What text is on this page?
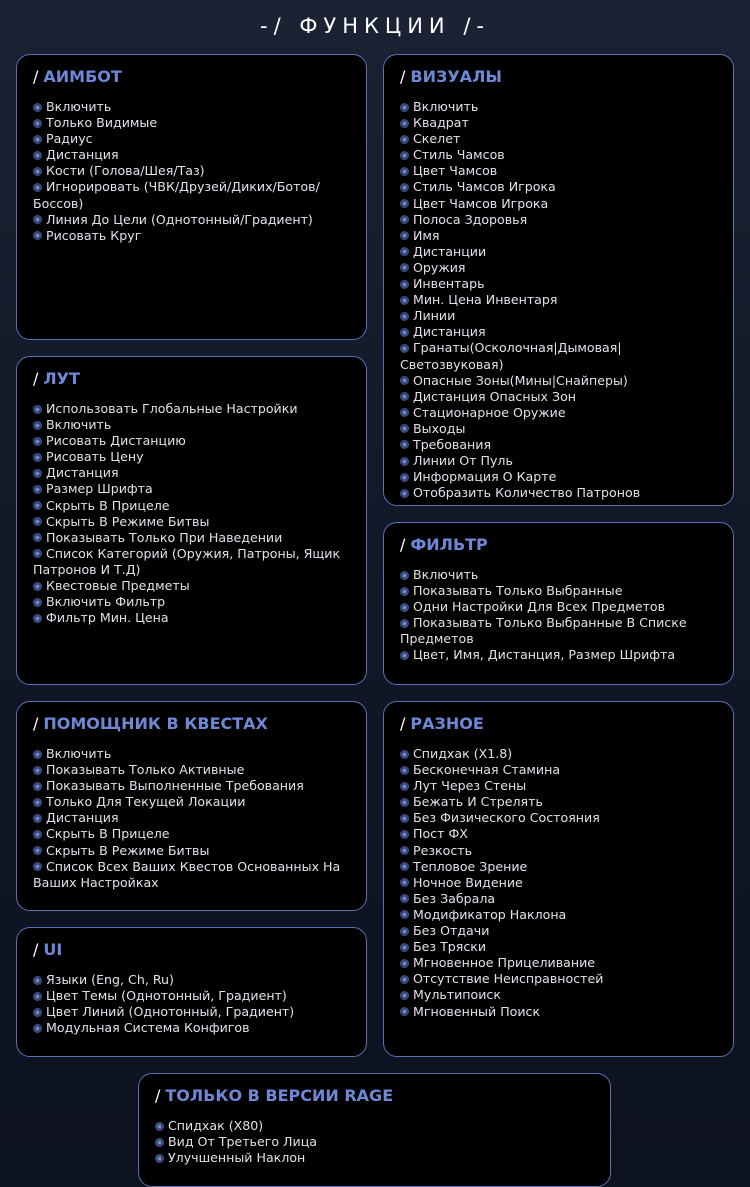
-/ ФУНКЦИИ /-
/ АИМБОТ
Включить
Только Видимые
Радиус
Дистанция
Кости (Голова/Шея/Таз)
Игнорировать (ЧВК/Друзей/Диких/Ботов/Боссов)
Линия До Цели (Однотонный/Градиент)
Рисовать Круг
/ ВИЗУАЛЫ
Включить
Квадрат
Скелет
Стиль Чамсов
Цвет Чамсов
Стиль Чамсов Игрока
Цвет Чамсов Игрока
Полоса Здоровья
Имя
Дистанции
Оружия
Инвентарь
Мин. Цена Инвентаря
Линии
Дистанция
Гранаты(Осколочная|Дымовая|Светозвуковая)
Опасные Зоны(Мины|Снайперы)
Дистанция Опасных Зон
Стационарное Оружие
Выходы
Требования
Линии От Пуль
Информация О Карте
Отобразить Количество Патронов
/ ЛУТ
Использовать Глобальные Настройки
Включить
Рисовать Дистанцию
Рисовать Цену
Дистанция
Размер Шрифта
Скрыть В Прицеле
Скрыть В Режиме Битвы
Показывать Только При Наведении
Список Категорий (Оружия, Патроны, Ящик Патронов И Т.Д)
Квестовые Предметы
Включить Фильтр
Фильтр Мин. Цена
/ ФИЛЬТР
Включить
Показывать Только Выбранные
Одни Настройки Для Всех Предметов
Показывать Только Выбранные В Списке Предметов
Цвет, Имя, Дистанция, Размер Шрифта
/ ПОМОЩНИК В КВЕСТАХ
Включить
Показывать Только Активные
Показывать Выполненные Требования
Только Для Текущей Локации
Дистанция
Скрыть В Прицеле
Скрыть В Режиме Битвы
Список Всех Ваших Квестов Основанных На Ваших Настройках
/ РАЗНОЕ
Спидхак (X1.8)
Бесконечная Стамина
Лут Через Стены
Бежать И Стрелять
Без Физического Состояния
Пост ФХ
Резкость
Тепловое Зрение
Ночное Видение
Без Забрала
Модификатор Наклона
Без Отдачи
Без Тряски
Мгновенное Прицеливание
Отсутствие Неисправностей
Мультипоиск
Мгновенный Поиск
/ UI
Языки (Eng, Ch, Ru)
Цвет Темы (Однотонный, Градиент)
Цвет Линий (Однотонный, Градиент)
Модульная Система Конфигов
/ ТОЛЬКО В ВЕРСИИ RAGE
Спидхак (X80)
Вид От Третьего Лица
Улучшенный Наклон
